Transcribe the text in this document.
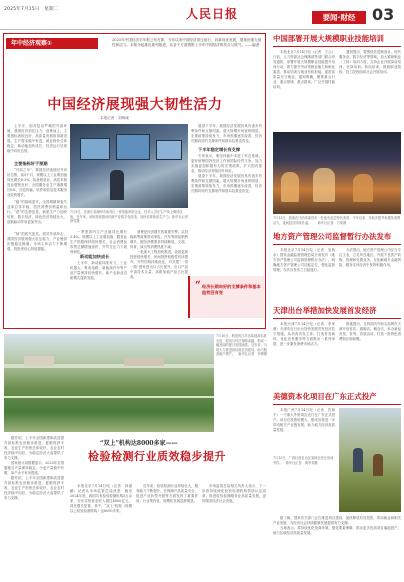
2025年7月15日　星期二	人民日报	要闻·财经	03
年中经济观察①	2025年中国经济半年报公布在即，今年以来中国经济顶压前行、向新向优发展，展现出强大韧性和活力。本报今起推出系列报道，从各个方面观察上半年中国经济的亮点与底气。——编者
中国经济展现强大韧性活力
本报记者　刘海诚

上半年，面对复杂严峻的外部环境，我国经济顶住压力、迎难而上，主要指标表现良好，高质量发展取得新进展。生产需求稳中有进，就业物价总体稳定，新动能加快成长，经济运行呈现稳中向好态势。

主要指标好于预期

“开局之年”，我国经济延续回升向好态势。前5个月，规模以上工业增加值同比增长6.3%，装备制造业、高技术制造业增势良好；全国服务业生产指数增长6%，信息传输、软件和信息技术服务业较快增长。

“稳”的基础更牢。全国城镇调查失业率总体平稳，居民消费价格温和运行。“进”的态势更显，新质生产力加快培育，数字经济、绿色经济持续壮大，创新驱动作用更加突出。

“韧”的底气更足。面对外部冲击，我国经济展现强大抗压能力，产业链供应链稳定畅通，市场主体活力不断增强，投资者信心持续提振。

7月9日，在浙江省湖州市南浔区一家智能制造企业，技术人员在生产线上调试设备。近年来，该地持续推动传统产业数字化改造，加快培育新质生产力。新华社记者　徐昱摄

一季度国内生产总值同比增长5.4%，规模以上工业增加值、服务业生产指数保持较快增长，社会消费品零售总额增速加快，外贸在压力下展现韧性。

新动能加快成长

上半年，新动能持续发力，工业机器人、集成电路、新能源汽车等产品产量保持较快增长，新产业新业态新模式蓬勃发展。

消费是经济增长的重要引擎。以旧换新等政策带动家电、汽车等商品销售增长，服务消费需求持续释放，文旅、体育、演出等消费热度不减。

一批重大工程加快推进，设备更新投资较快增长，民间投资积极性有所提升。外贸结构持续优化，对共建“一带一路”国家进出口占比提升，出口产品中高技术含量、高附加值产品占比提高。

展望下半年，我国经济发展仍具有诸多有利条件和支撑因素。超大规模市场优势明显，宏观政策持续发力，市场预期逐步改善，经济长期向好的支撑条件和基本趋势没有变。

下半年稳定增长有支撑

专家表示，要坚持稳中求进工作总基调，更好统筹国内经济工作和国际经贸斗争，加力实施更加积极有为的宏观政策，扩大国内需求，推动经济持续回升向好。

展望下半年，我国经济发展仍具有诸多有利条件和支撑因素。超大规模市场优势明显，宏观政策持续发力，市场预期逐步改善，经济长期向好的支撑条件和基本趋势没有变。

“ 经济长期向好的支撑条件和基本趋势没有变
中国部署开展大规模职业技能培训

本报北京7月14日电（记者　王云）日前，人力资源社会保障部等部门联合印发通知，部署开展大规模职业技能提升培训行动，着力提升劳动者就业能力和职业素质，推动培训与就业有机衔接，促进高质量充分就业。通知明确，聚焦重点行业、重点领域、重点群体，广泛开展技能培训。

通知提出，要围绕先进制造业、现代服务业、数字经济等领域，加大紧缺职业（工种）培训力度。支持企业开展岗前培训、在岗培训、转岗培训，鼓励职业院校、技工院校面向社会开展培训。

7月13日，游客在江西省南昌市一处夜市品尝特色美食。今年以来，各地多措并举激发消费活力，夜间经济持续升温。　　新华社记者　万象摄
地方资产管理公司监督暂行办法发布

本报北京7月14日电（记者　吴秋余）国家金融监督管理总局日前发布《地方资产管理公司监督管理暂行办法》，明确地方资产管理公司功能定位，强化监督管理。办法自发布之日起施行。

办法提出，地方资产管理公司应当专注主业，立足所在地区，开展不良资产收购、管理和处置业务，在化解地方金融风险、服务实体经济中发挥积极作用。

天津出台举措加快发展首发经济

本报天津7月14日电（记者　李家鼎）天津市近日出台加快发展首发经济若干措施，从培育首发主体、打造首发载体、优化首发服务等方面推出一系列举措，进一步激发消费市场活力。

措施提出，支持国内外知名品牌在天津开设首店、旗舰店、概念店，举办新品首发、首秀、首展活动，打造一批特色消费街区和商圈。

美德资本化项目在广东正式投产

本报广州7月14日电（记者　贺林平）一个重大外资项目近日在广东正式投产。项目总投资规模大，建成后将进一步带动相关产业链发展，助力地方经济高质量发展。

7月13日，广西壮族自治区某地农民在田间劳作。　新华社记者　黄孝邦摄
7月10日，航拍的江苏省某地高标准农田，稻田与村庄相映成趣，构成一幅美丽的夏日田园画卷。近年来，当地大力推进高标准农田建设，助力粮食稳产增产。　新华社记者　李博摄

据介绍，上半年全国新建和改造提升高标准农田稳步推进，夏粮再获丰收，农业生产形势总体较好，农业农村经济稳中向好，为稳定经济大盘提供了有力支撑。

国家统计局数据显示，2025年全国夏粮总产量保持稳定，小麦产量稳中有增，单产水平有所提高。

据介绍，上半年全国新建和改造提升高标准农田稳步推进，夏粮再获丰收，农业生产形势总体较好，农业农村经济稳中向好，为稳定经济大盘提供了有力支撑。

“双上”机构达8000多家——
检验检测行业质效稳步提升

本报北京7月14日电（记者　林丽鹂）记者从市场监管总局获悉：截至2024年底，我国共有检验检测机构5万余家，全年实现营业收入超过4800亿元，同比增长显著。其中，“双上”机构（规模以上检验检测机构）达8000多家。

近年来，检验检测行业持续壮大，服务能力不断提升，在保障产品质量安全、促进产业转型升级等方面发挥了重要作用。行业集约化、规模化发展趋势明显。

市场监管总局相关负责人表示，下一步将持续深化检验检测机构资质认定改革，推进检验检测服务业高质量发展，更好服务经济社会发展。

据了解，国家有关部门正在推进项目建设，加快释放有效投资，带动就业和相关产业发展，为经济社会持续健康发展提供有力支撑。

当地表示，将持续优化营商环境，强化要素保障，推动更多优质项目落地投产，助力区域经济高质量发展。
